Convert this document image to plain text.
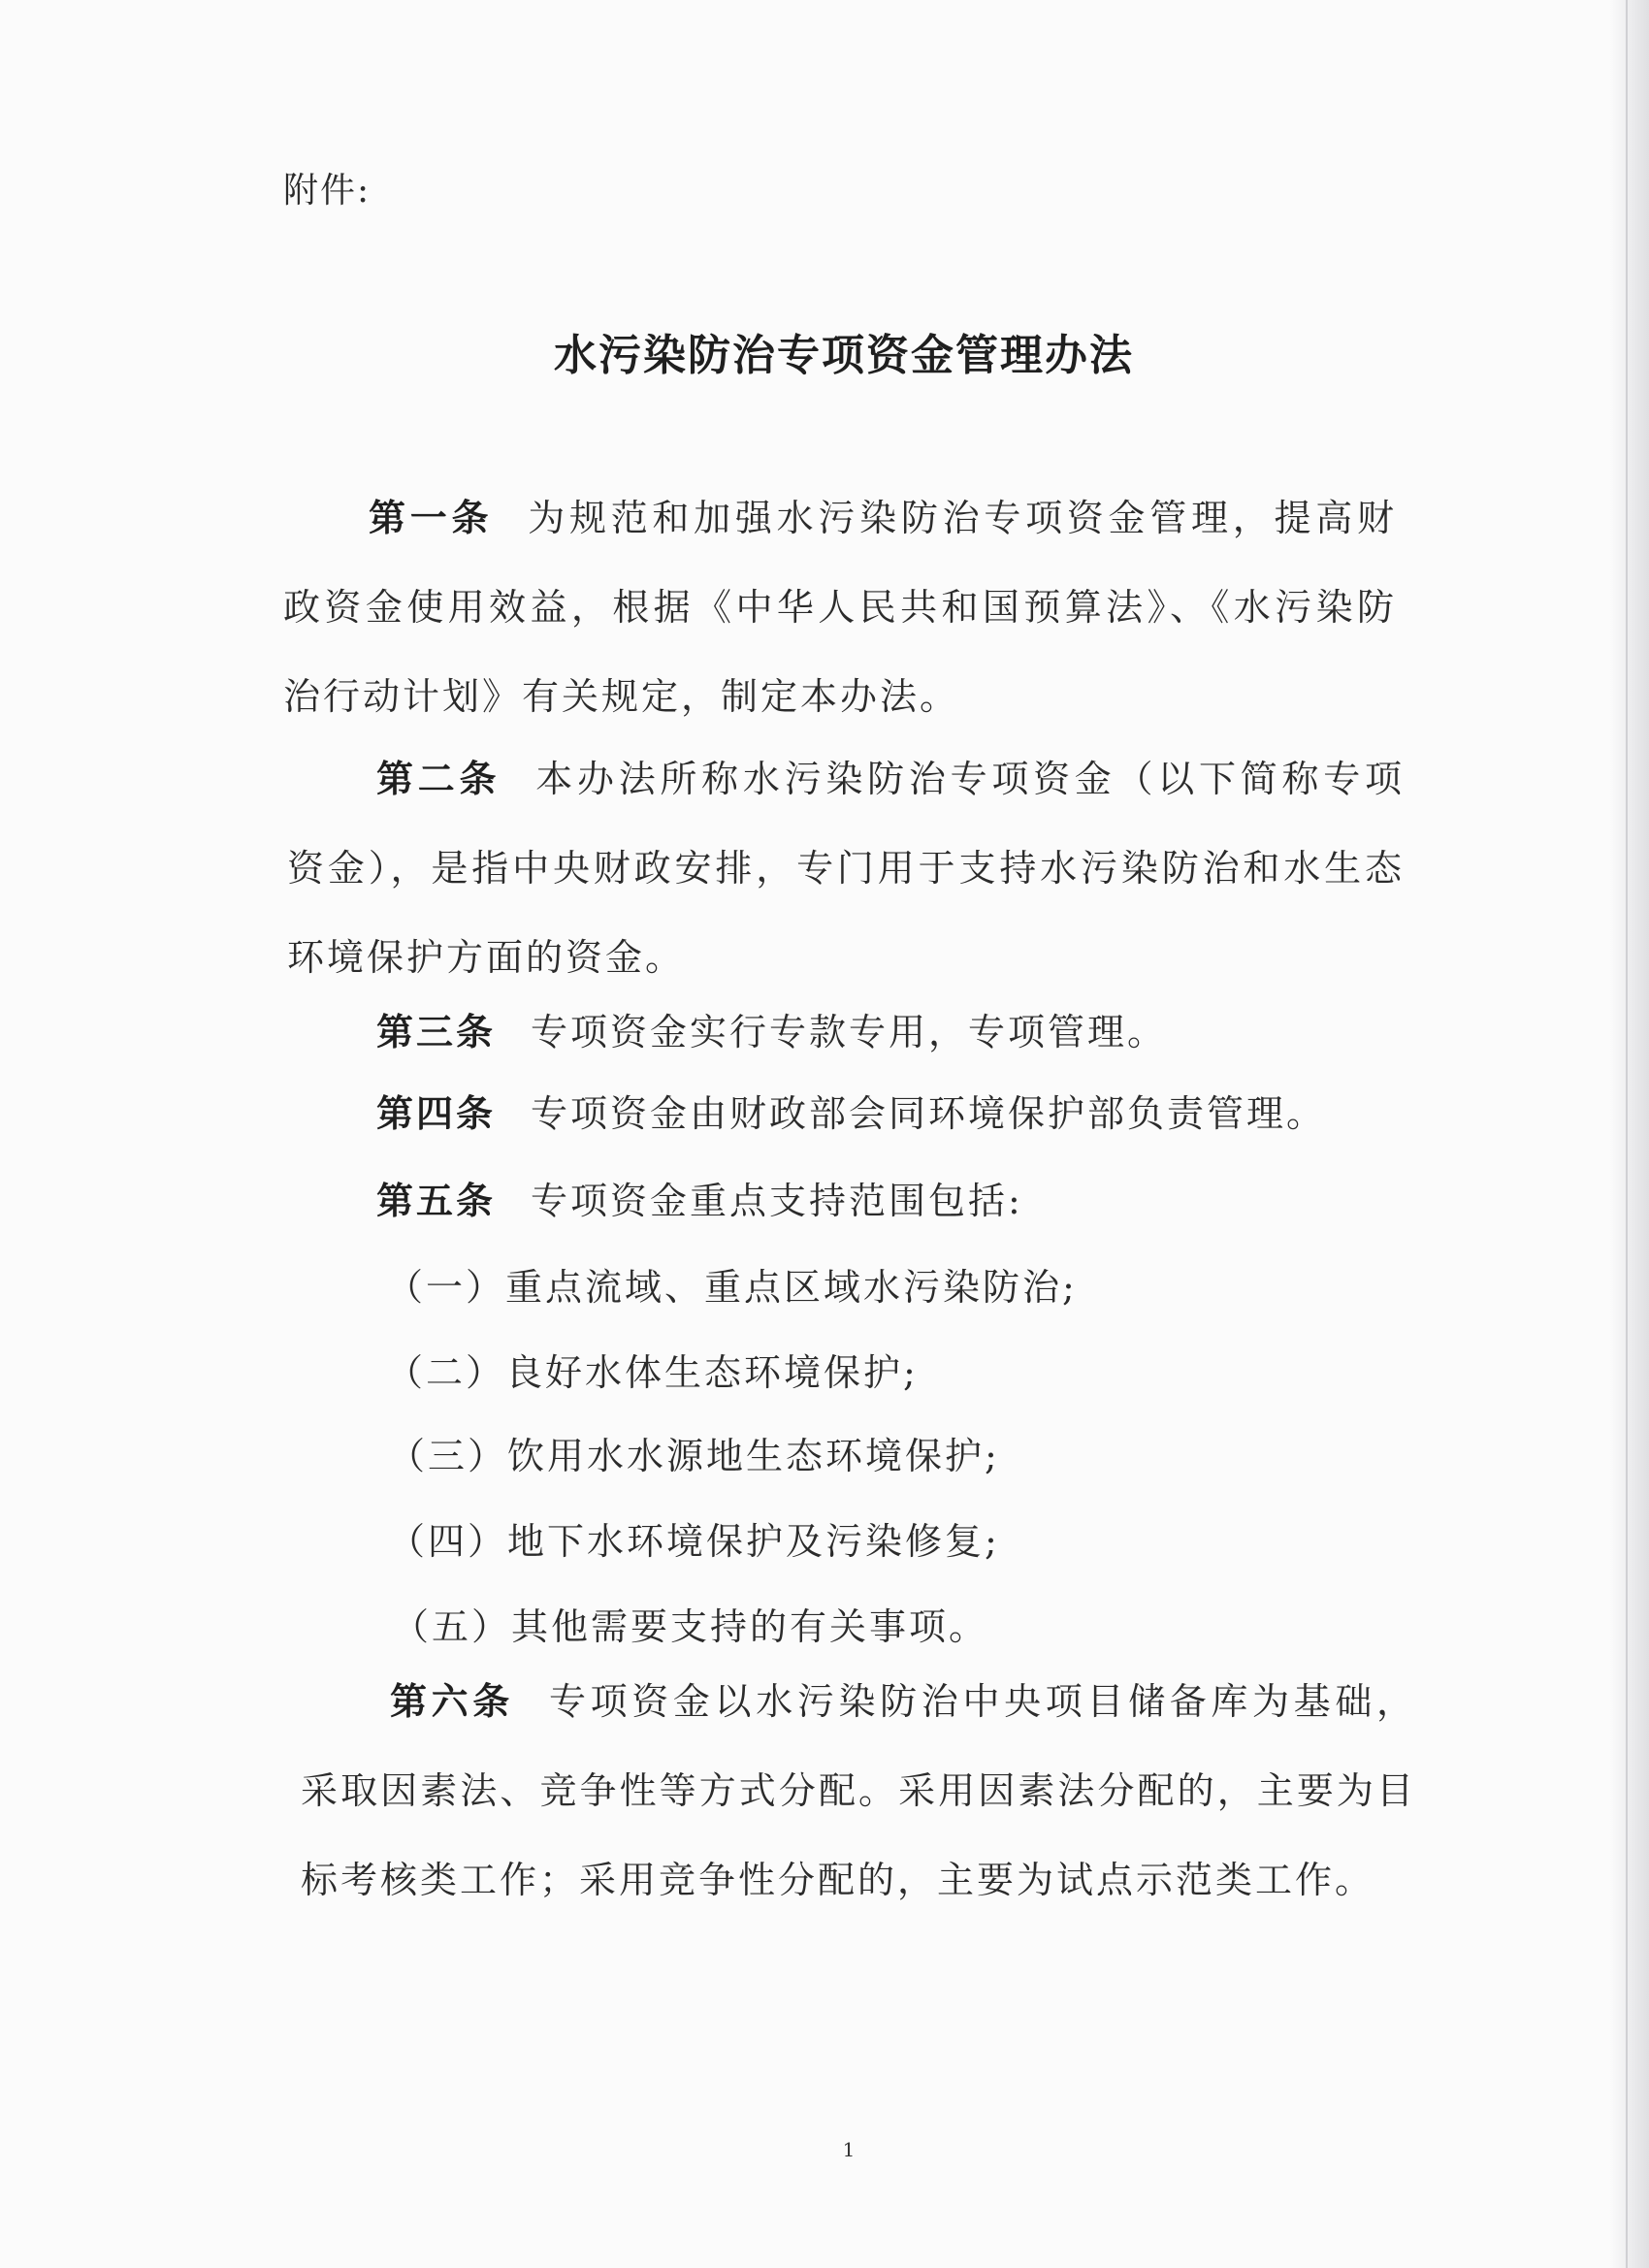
附件:
水污染防治专项资金管理办法
第一条 为规范和加强水污染防治专项资金管理，提高财政资金使用效益，根据《中华人民共和国预算法》、《水污染防治行动计划》有关规定，制定本办法。
第二条 本办法所称水污染防治专项资金（以下简称专项资金），是指中央财政安排，专门用于支持水污染防治和水生态环境保护方面的资金。
第三条 专项资金实行专款专用，专项管理。
第四条 专项资金由财政部会同环境保护部负责管理。
第五条 专项资金重点支持范围包括:
（一）重点流域、重点区域水污染防治;
（二）良好水体生态环境保护;
（三）饮用水水源地生态环境保护;
（四）地下水环境保护及污染修复;
（五）其他需要支持的有关事项。
第六条 专项资金以水污染防治中央项目储备库为基础，采取因素法、竞争性等方式分配。采用因素法分配的，主要为目标考核类工作；采用竞争性分配的，主要为试点示范类工作。
1
